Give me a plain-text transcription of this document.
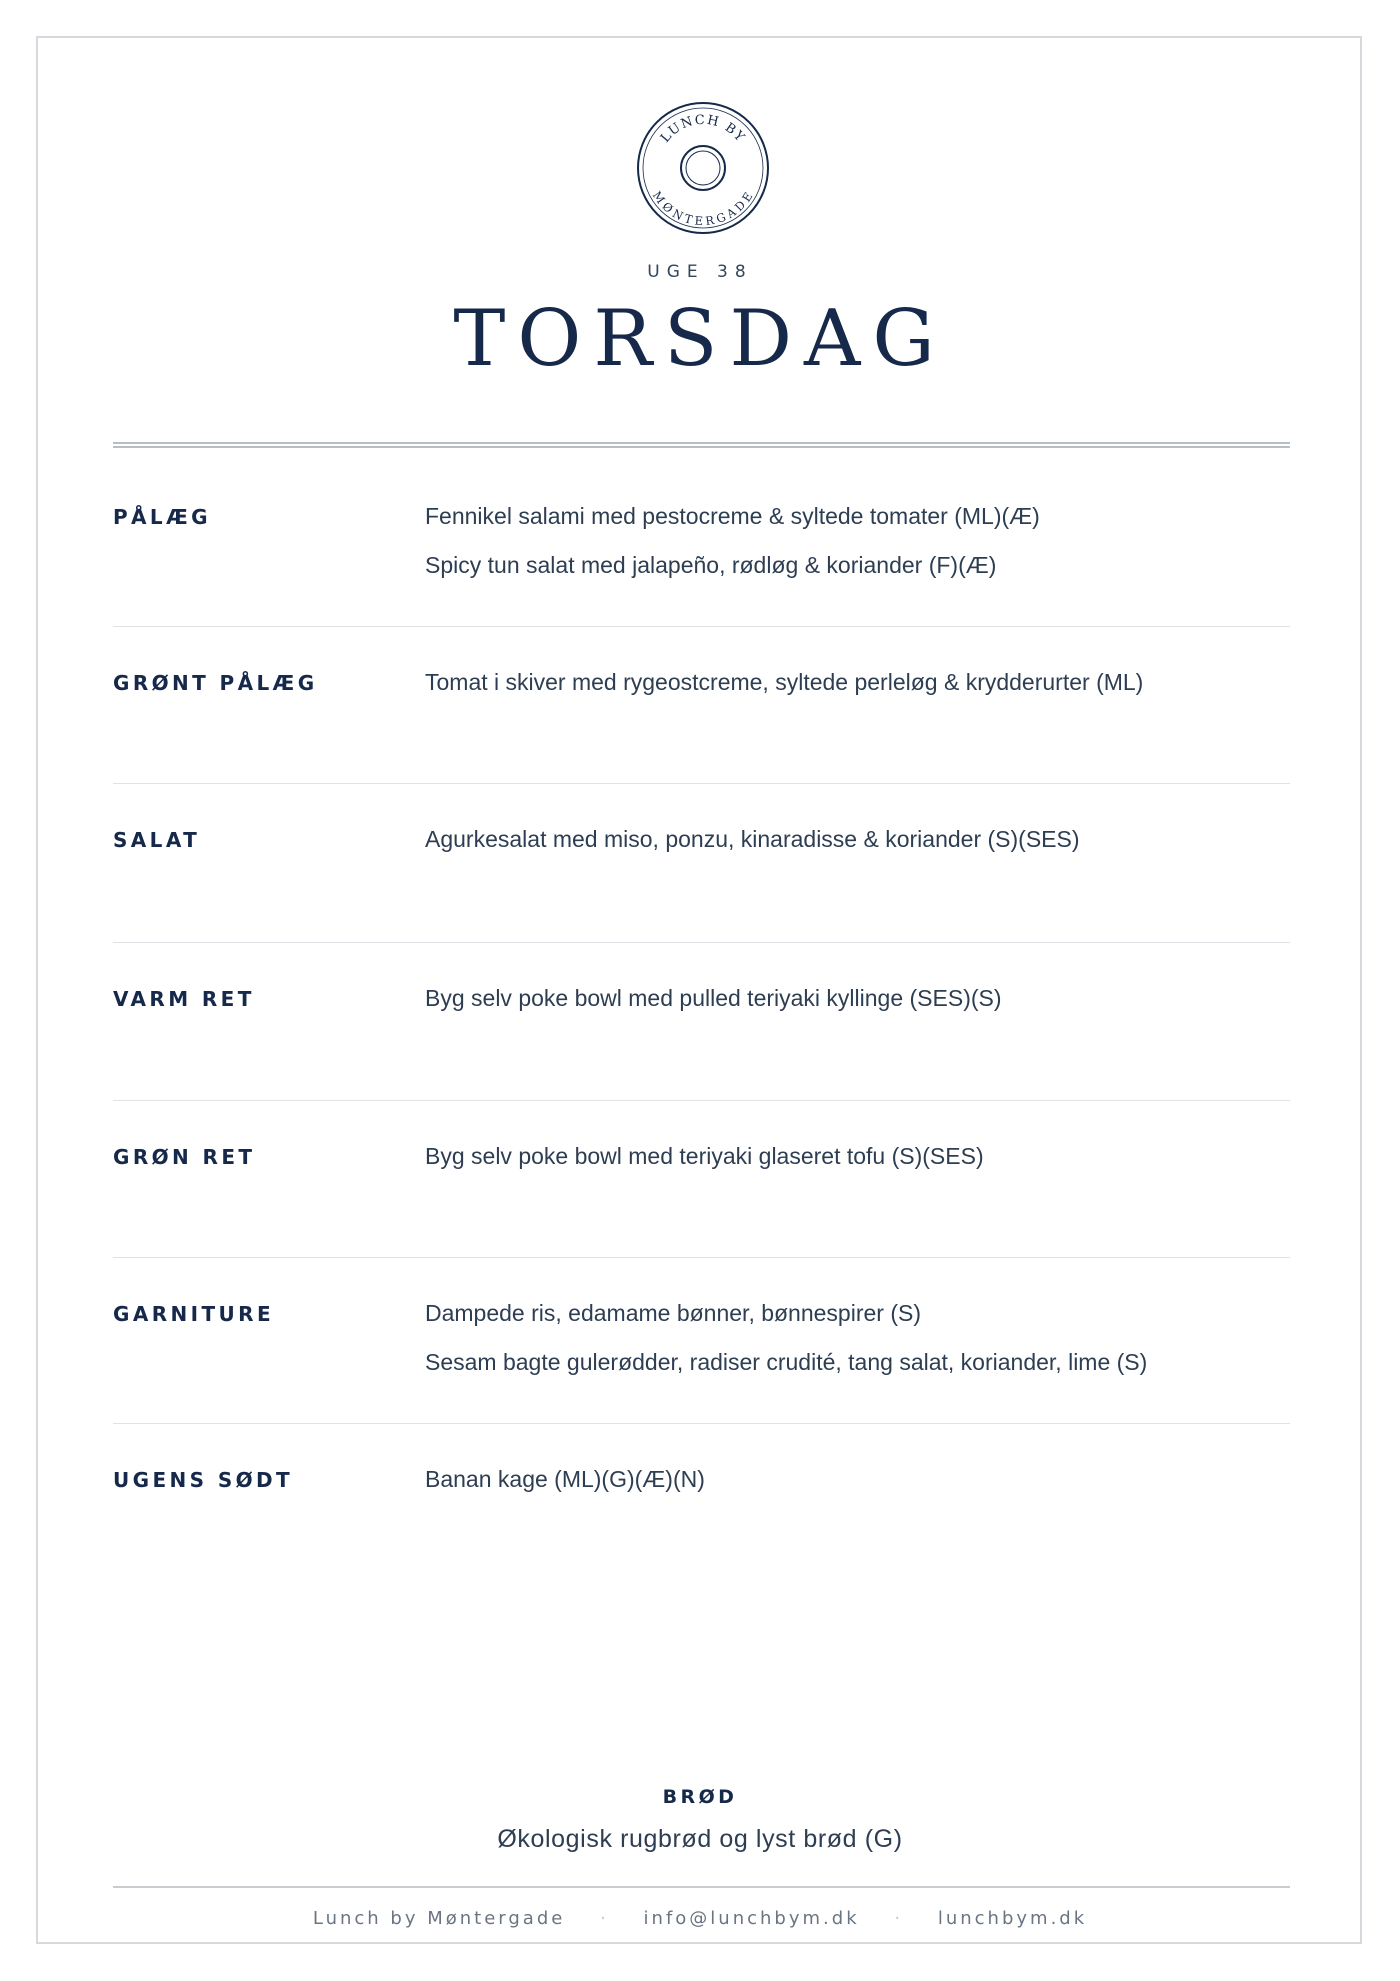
LUNCH BY
MØNTERGADE
UGE 38
TORSDAG
PÅLÆG	Fennikel salami med pestocreme & syltede tomater (ML)(Æ)
Spicy tun salat med jalapeño, rødløg & koriander (F)(Æ)
GRØNT PÅLÆG	Tomat i skiver med rygeostcreme, syltede perleløg & krydderurter (ML)
SALAT	Agurkesalat med miso, ponzu, kinaradisse & koriander (S)(SES)
VARM RET	Byg selv poke bowl med pulled teriyaki kyllinge (SES)(S)
GRØN RET	Byg selv poke bowl med teriyaki glaseret tofu (S)(SES)
GARNITURE	Dampede ris, edamame bønner, bønnespirer (S)
Sesam bagte gulerødder, radiser crudité, tang salat, koriander, lime (S)
UGENS SØDT	Banan kage (ML)(G)(Æ)(N)
BRØD
Økologisk rugbrød og lyst brød (G)
Lunch by Møntergade · info@lunchbym.dk · lunchbym.dk
